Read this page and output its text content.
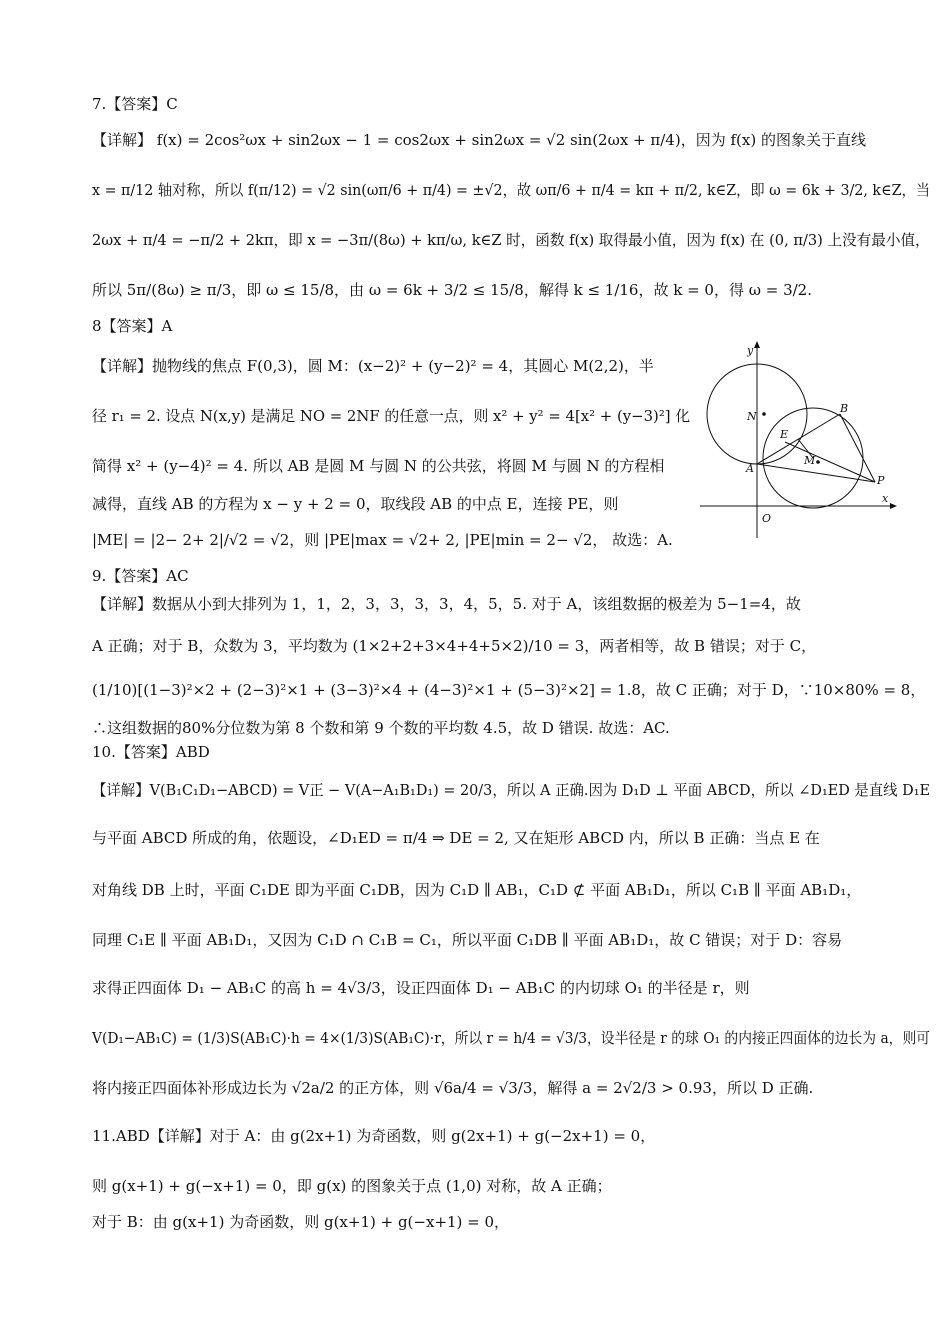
7.【答案】C
【详解】 f(x) = 2cos²ωx + sin2ωx − 1 = cos2ωx + sin2ωx = √2 sin(2ωx + π/4)，因为 f(x) 的图象关于直线
x = π/12 轴对称，所以 f(π/12) = √2 sin(ωπ/6 + π/4) = ±√2，故 ωπ/6 + π/4 = kπ + π/2, k∈Z，即 ω = 6k + 3/2, k∈Z，当
2ωx + π/4 = −π/2 + 2kπ，即 x = −3π/(8ω) + kπ/ω, k∈Z 时，函数 f(x) 取得最小值，因为 f(x) 在 (0, π/3) 上没有最小值，
所以 5π/(8ω) ≥ π/3，即 ω ≤ 15/8，由 ω = 6k + 3/2 ≤ 15/8，解得 k ≤ 1/16，故 k = 0，得 ω = 3/2.
8【答案】A
【详解】抛物线的焦点 F(0,3)，圆 M：(x−2)² + (y−2)² = 4，其圆心 M(2,2)，半
径 r₁ = 2. 设点 N(x,y) 是满足 NO = 2NF 的任意一点，则 x² + y² = 4[x² + (y−3)²] 化
简得 x² + (y−4)² = 4. 所以 AB 是圆 M 与圆 N 的公共弦，将圆 M 与圆 N 的方程相
减得，直线 AB 的方程为 x − y + 2 = 0，取线段 AB 的中点 E，连接 PE，则
|ME| = |2− 2+ 2|/√2 = √2，则 |PE|max = √2+ 2, |PE|min = 2− √2， 故选：A.
y
x
O
N
A
B
E
M
P
9.【答案】AC
【详解】数据从小到大排列为 1，1，2，3，3，3，3，4，5，5. 对于 A，该组数据的极差为 5−1=4，故
A 正确；对于 B，众数为 3，平均数为 (1×2+2+3×4+4+5×2)/10 = 3，两者相等，故 B 错误；对于 C，
(1/10)[(1−3)²×2 + (2−3)²×1 + (3−3)²×4 + (4−3)²×1 + (5−3)²×2] = 1.8，故 C 正确；对于 D，∵10×80% = 8，
∴这组数据的80%分位数为第 8 个数和第 9 个数的平均数 4.5，故 D 错误. 故选：AC.
10.【答案】ABD
【详解】V(B₁C₁D₁−ABCD) = V正 − V(A−A₁B₁D₁) = 20/3，所以 A 正确.因为 D₁D ⊥ 平面 ABCD，所以 ∠D₁ED 是直线 D₁E
与平面 ABCD 所成的角，依题设，∠D₁ED = π/4 ⇒ DE = 2, 又在矩形 ABCD 内，所以 B 正确：当点 E 在
对角线 DB 上时，平面 C₁DE 即为平面 C₁DB，因为 C₁D ∥ AB₁，C₁D ⊄ 平面 AB₁D₁，所以 C₁B ∥ 平面 AB₁D₁，
同理 C₁E ∥ 平面 AB₁D₁，又因为 C₁D ∩ C₁B = C₁，所以平面 C₁DB ∥ 平面 AB₁D₁，故 C 错误；对于 D：容易
求得正四面体 D₁ − AB₁C 的高 h = 4√3/3，设正四面体 D₁ − AB₁C 的内切球 O₁ 的半径是 r，则
V(D₁−AB₁C) = (1/3)S(AB₁C)·h = 4×(1/3)S(AB₁C)·r，所以 r = h/4 = √3/3，设半径是 r 的球 O₁ 的内接正四面体的边长为 a，则可
将内接正四面体补形成边长为 √2a/2 的正方体，则 √6a/4 = √3/3，解得 a = 2√2/3 > 0.93，所以 D 正确.
11.ABD【详解】对于 A：由 g(2x+1) 为奇函数，则 g(2x+1) + g(−2x+1) = 0，
则 g(x+1) + g(−x+1) = 0，即 g(x) 的图象关于点 (1,0) 对称，故 A 正确；
对于 B：由 g(x+1) 为奇函数，则 g(x+1) + g(−x+1) = 0，
